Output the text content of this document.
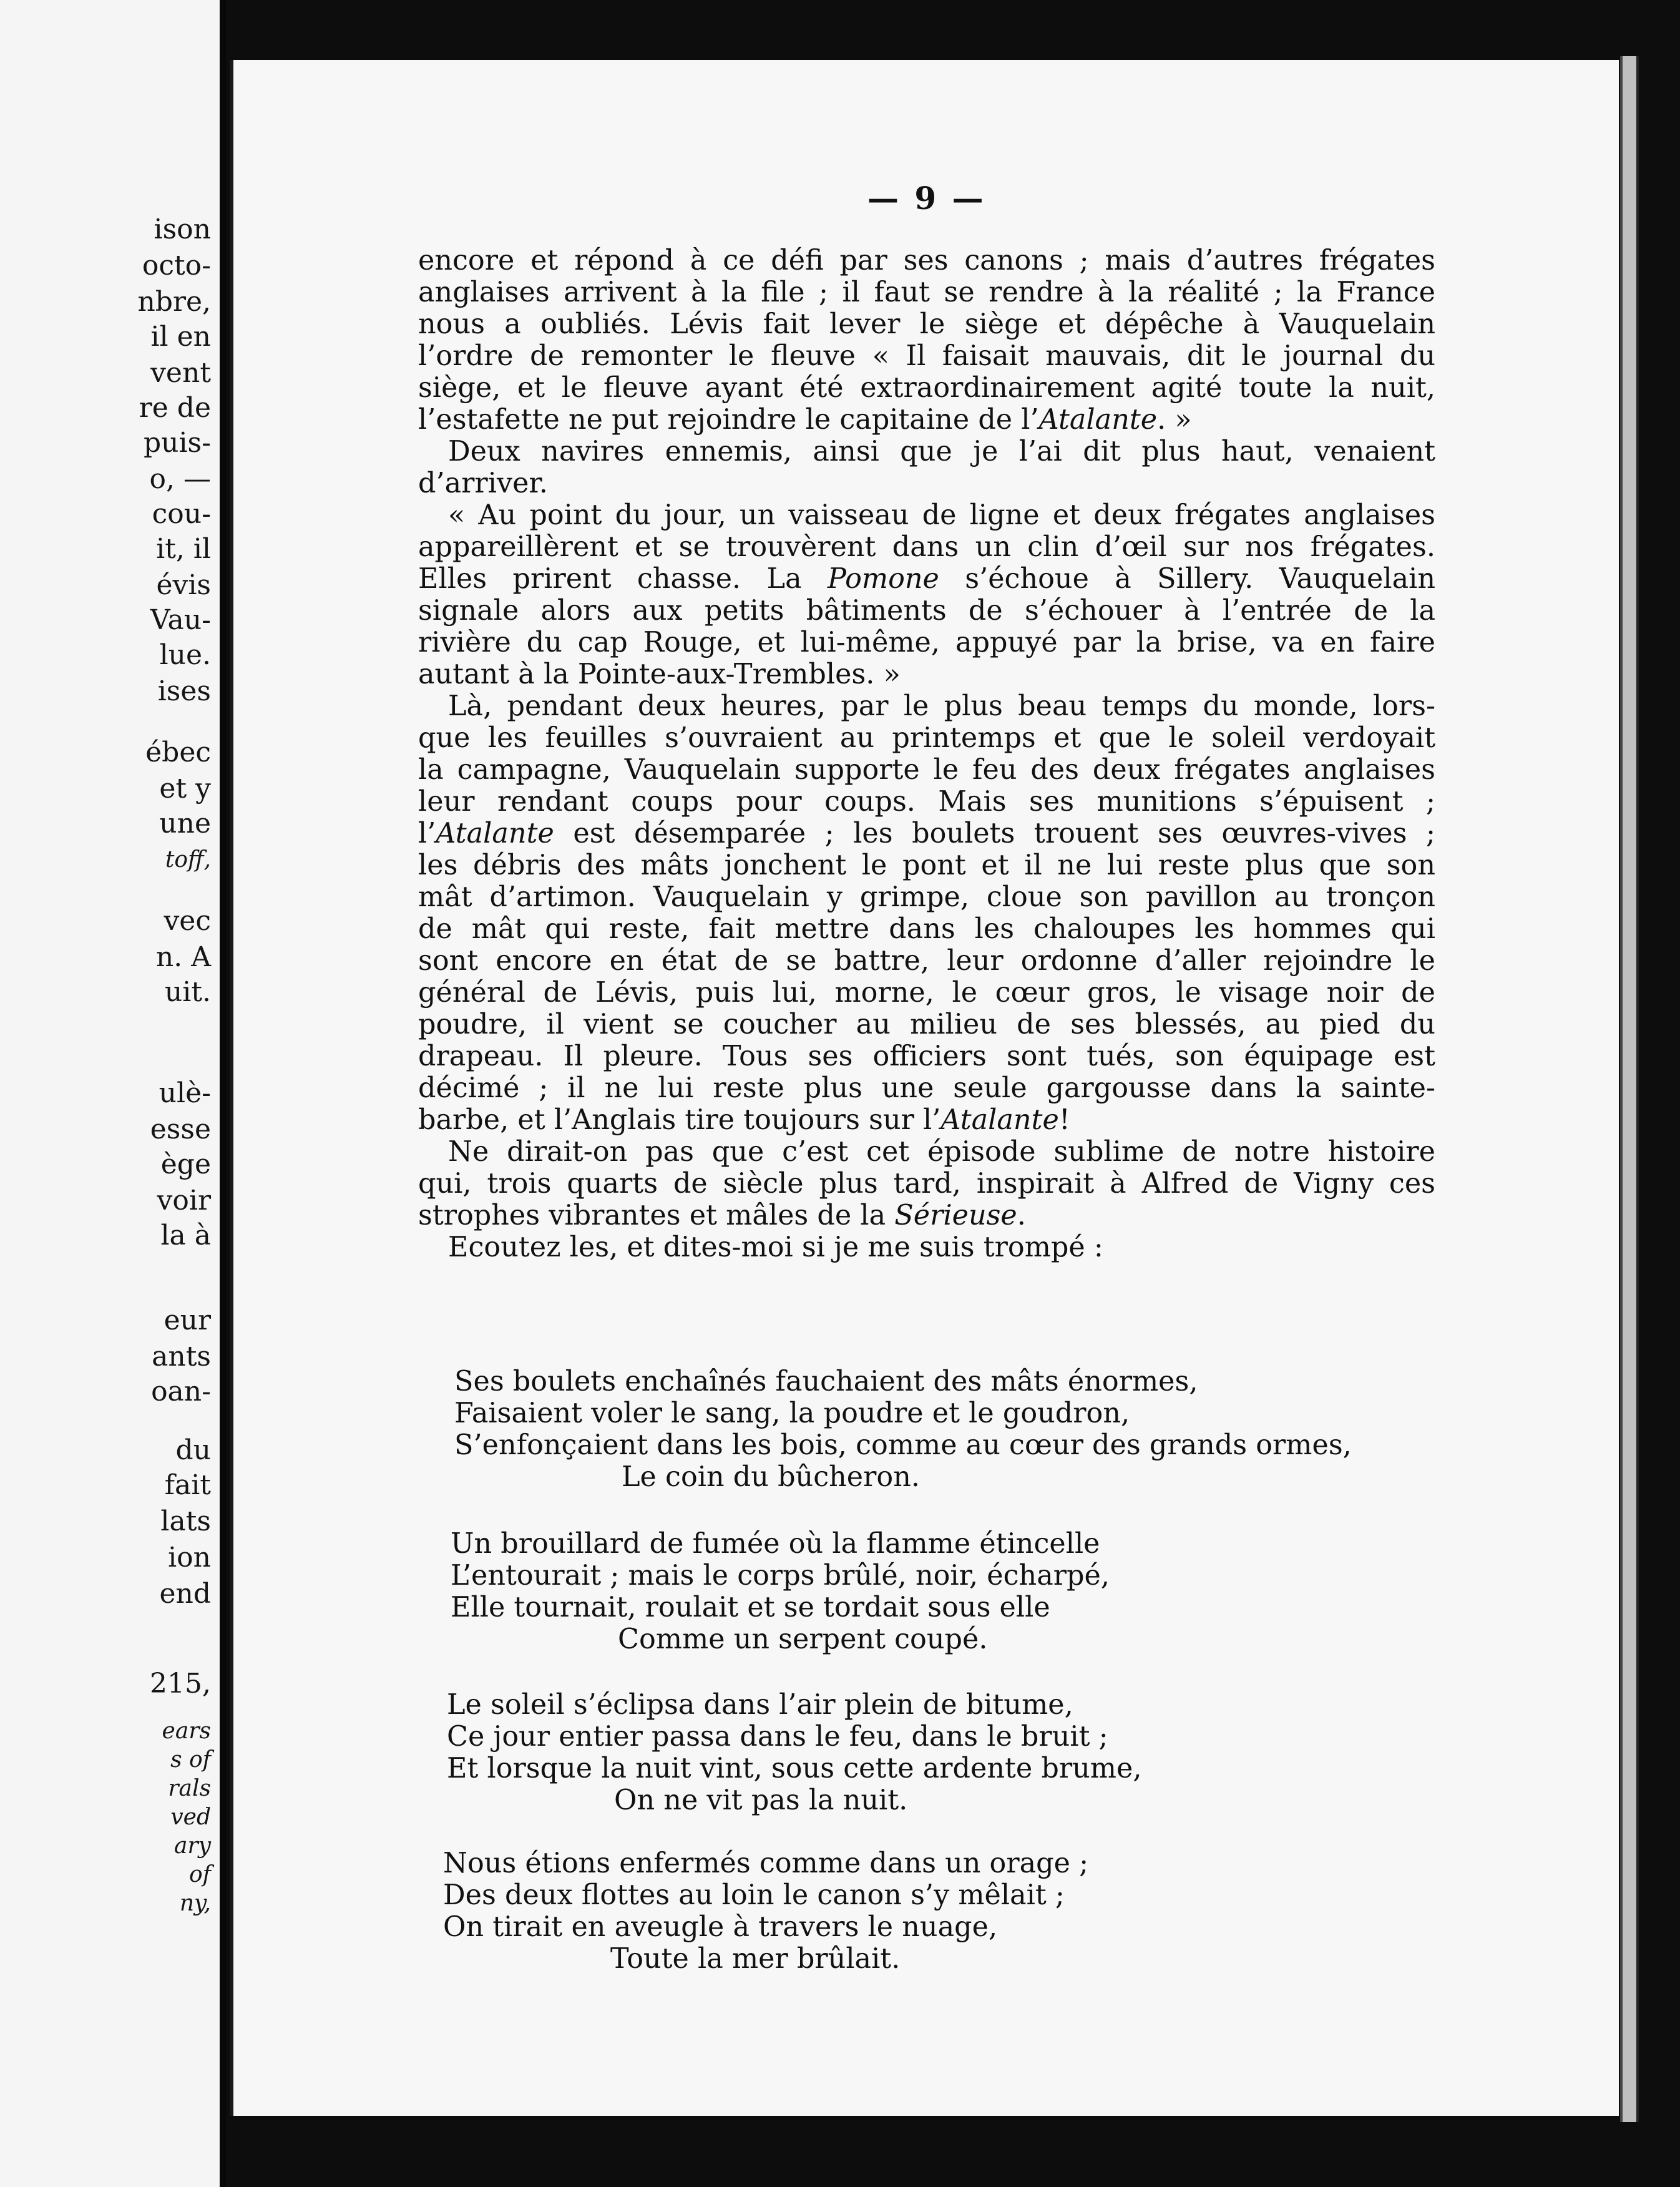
ison
octo-
nbre,
il en
vent
re de
puis-
o, —
cou-
it, il
évis
Vau-
lue.
ises
ébec
et y
une
toff,
vec
n. A
uit.
ulè-
esse
ège
voir
la à
eur
ants
oan-
du
fait
lats
ion
end
215,
ears
s of
rals
ved
ary
of
ny,
— 9 —
encore et répond à ce défi par ses canons ; mais d’autres frégates
anglaises arrivent à la file ; il faut se rendre à la réalité ; la France
nous a oubliés. Lévis fait lever le siège et dépêche à Vauquelain
l’ordre de remonter le fleuve « Il faisait mauvais, dit le journal du
siège, et le fleuve ayant été extraordinairement agité toute la nuit,
l’estafette ne put rejoindre le capitaine de l’Atalante. »
Deux navires ennemis, ainsi que je l’ai dit plus haut, venaient
d’arriver.
« Au point du jour, un vaisseau de ligne et deux frégates anglaises
appareillèrent et se trouvèrent dans un clin d’œil sur nos frégates.
Elles prirent chasse. La Pomone s’échoue à Sillery. Vauquelain
signale alors aux petits bâtiments de s’échouer à l’entrée de la
rivière du cap Rouge, et lui-même, appuyé par la brise, va en faire
autant à la Pointe-aux-Trembles. »
Là, pendant deux heures, par le plus beau temps du monde, lors-
que les feuilles s’ouvraient au printemps et que le soleil verdoyait
la campagne, Vauquelain supporte le feu des deux frégates anglaises
leur rendant coups pour coups. Mais ses munitions s’épuisent ;
l’Atalante est désemparée ; les boulets trouent ses œuvres-vives ;
les débris des mâts jonchent le pont et il ne lui reste plus que son
mât d’artimon. Vauquelain y grimpe, cloue son pavillon au tronçon
de mât qui reste, fait mettre dans les chaloupes les hommes qui
sont encore en état de se battre, leur ordonne d’aller rejoindre le
général de Lévis, puis lui, morne, le cœur gros, le visage noir de
poudre, il vient se coucher au milieu de ses blessés, au pied du
drapeau. Il pleure. Tous ses officiers sont tués, son équipage est
décimé ; il ne lui reste plus une seule gargousse dans la sainte-
barbe, et l’Anglais tire toujours sur l’Atalante!
Ne dirait-on pas que c’est cet épisode sublime de notre histoire
qui, trois quarts de siècle plus tard, inspirait à Alfred de Vigny ces
strophes vibrantes et mâles de la Sérieuse.
Ecoutez les, et dites-moi si je me suis trompé :
Ses boulets enchaînés fauchaient des mâts énormes,
Faisaient voler le sang, la poudre et le goudron,
S’enfonçaient dans les bois, comme au cœur des grands ormes,
Le coin du bûcheron.
Un brouillard de fumée où la flamme étincelle
L’entourait ; mais le corps brûlé, noir, écharpé,
Elle tournait, roulait et se tordait sous elle
Comme un serpent coupé.
Le soleil s’éclipsa dans l’air plein de bitume,
Ce jour entier passa dans le feu, dans le bruit ;
Et lorsque la nuit vint, sous cette ardente brume,
On ne vit pas la nuit.
Nous étions enfermés comme dans un orage ;
Des deux flottes au loin le canon s’y mêlait ;
On tirait en aveugle à travers le nuage,
Toute la mer brûlait.
